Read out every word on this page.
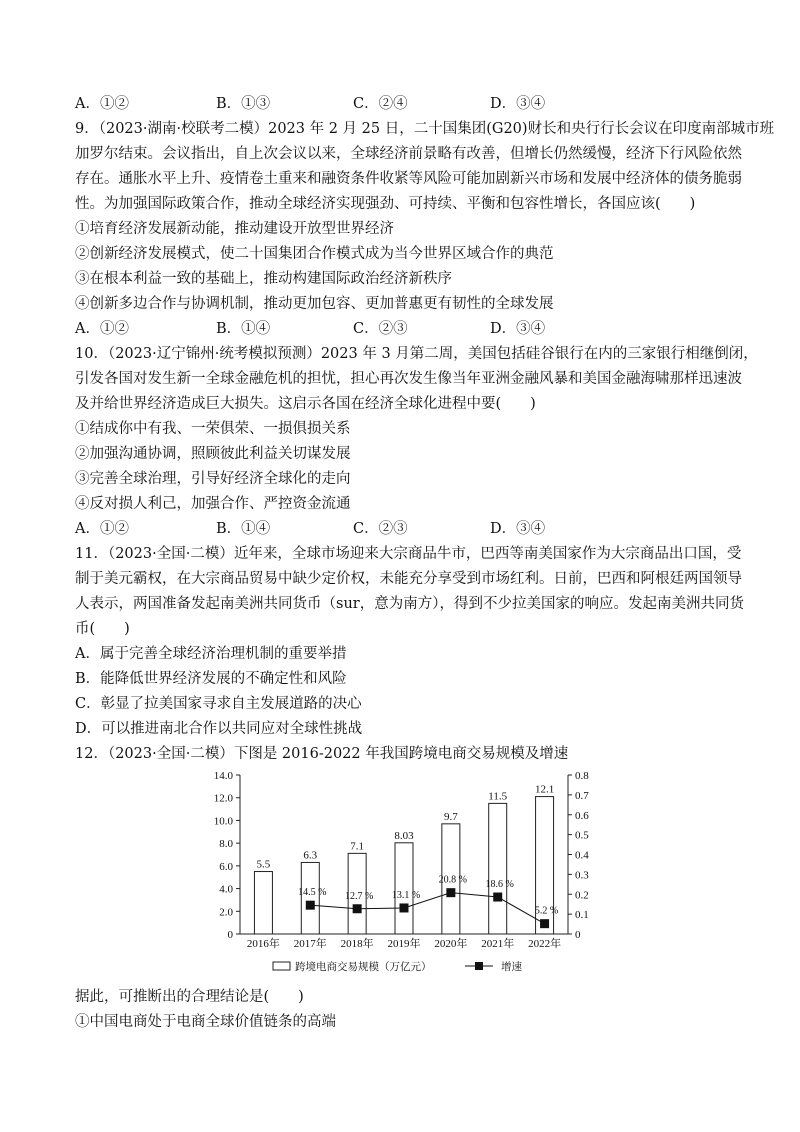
A．①②	B．①③	C．②④	D．③④
9．（2023·湖南·校联考二模）2023 年 2 月 25 日，二十国集团(G20)财长和央行行长会议在印度南部城市班
加罗尔结束。会议指出，自上次会议以来，全球经济前景略有改善，但增长仍然缓慢，经济下行风险依然
存在。通胀水平上升、疫情卷土重来和融资条件收紧等风险可能加剧新兴市场和发展中经济体的债务脆弱
性。为加强国际政策合作，推动全球经济实现强劲、可持续、平衡和包容性增长，各国应该(　　)
①培育经济发展新动能，推动建设开放型世界经济
②创新经济发展模式，使二十国集团合作模式成为当今世界区域合作的典范
③在根本利益一致的基础上，推动构建国际政治经济新秩序
④创新多边合作与协调机制，推动更加包容、更加普惠更有韧性的全球发展
A．①②	B．①④	C．②③	D．③④
10．（2023·辽宁锦州·统考模拟预测）2023 年 3 月第二周，美国包括硅谷银行在内的三家银行相继倒闭，
引发各国对发生新一全球金融危机的担忧，担心再次发生像当年亚洲金融风暴和美国金融海啸那样迅速波
及并给世界经济造成巨大损失。这启示各国在经济全球化进程中要(　　)
①结成你中有我、一荣俱荣、一损俱损关系
②加强沟通协调，照顾彼此利益关切谋发展
③完善全球治理，引导好经济全球化的走向
④反对损人利己，加强合作、严控资金流通
A．①②	B．①④	C．②③	D．③④
11．（2023·全国·二模）近年来，全球市场迎来大宗商品牛市，巴西等南美国家作为大宗商品出口国，受
制于美元霸权，在大宗商品贸易中缺少定价权，未能充分享受到市场红利。日前，巴西和阿根廷两国领导
人表示，两国准备发起南美洲共同货币（sur，意为南方），得到不少拉美国家的响应。发起南美洲共同货
币(　　)
A．属于完善全球经济治理机制的重要举措
B．能降低世界经济发展的不确定性和风险
C．彰显了拉美国家寻求自主发展道路的决心
D．可以推进南北合作以共同应对全球性挑战
12．（2023·全国·二模）下图是 2016-2022 年我国跨境电商交易规模及增速
0
2.0
4.0
6.0
8.0
10.0
12.0
14.0
0
0.1
0.2
0.3
0.4
0.5
0.6
0.7
0.8
2016年 2017年 2018年 2019年 2020年 2021年 2022年
5.5
6.3
7.1
8.03
9.7
11.5
12.1
14.5 % 12.7 % 13.1 %
20.8 % 18.6 %
5.2 %
跨境电商交易规模（万亿元）	增速
据此，可推断出的合理结论是(　　)
①中国电商处于电商全球价值链条的高端
